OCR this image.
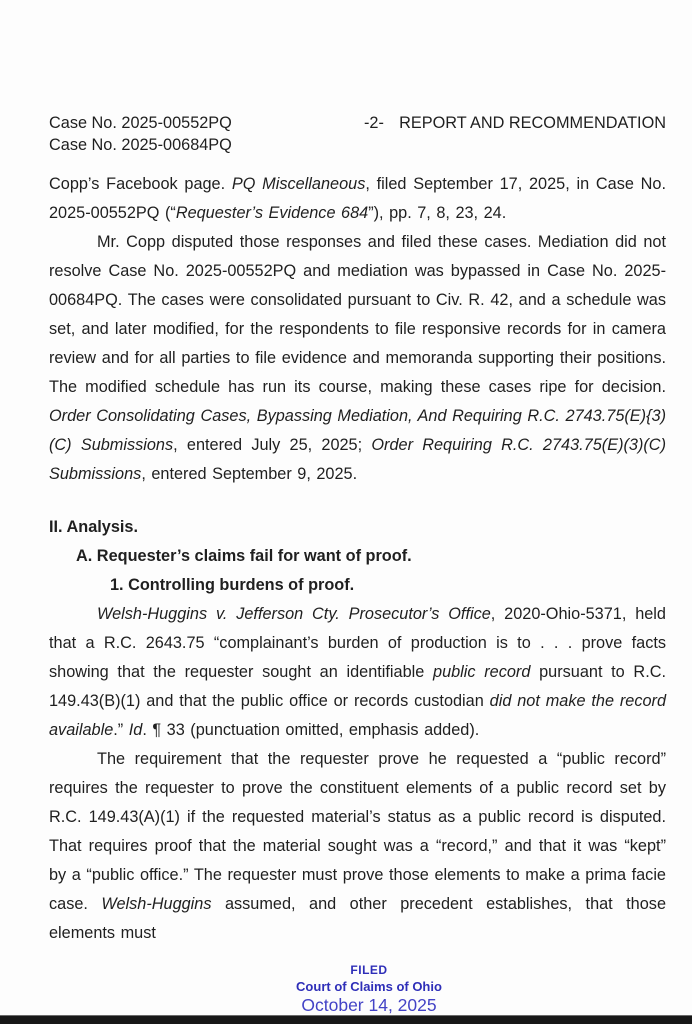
Case No. 2025-00552PQ
Case No. 2025-00684PQ
-2- REPORT AND RECOMMENDATION

Copp’s Facebook page. PQ Miscellaneous, filed September 17, 2025, in Case No. 2025-00552PQ (“Requester’s Evidence 684”), pp. 7, 8, 23, 24.

Mr. Copp disputed those responses and filed these cases. Mediation did not resolve Case No. 2025-00552PQ and mediation was bypassed in Case No. 2025-00684PQ. The cases were consolidated pursuant to Civ. R. 42, and a schedule was set, and later modified, for the respondents to file responsive records for in camera review and for all parties to file evidence and memoranda supporting their positions. The modified schedule has run its course, making these cases ripe for decision. Order Consolidating Cases, Bypassing Mediation, And Requiring R.C. 2743.75(E){3)(C) Submissions, entered July 25, 2025; Order Requiring R.C. 2743.75(E)(3)(C) Submissions, entered September 9, 2025.

II. Analysis.

A. Requester’s claims fail for want of proof.

1. Controlling burdens of proof.

Welsh-Huggins v. Jefferson Cty. Prosecutor’s Office, 2020-Ohio-5371, held that a R.C. 2643.75 “complainant’s burden of production is to . . . prove facts showing that the requester sought an identifiable public record pursuant to R.C. 149.43(B)(1) and that the public office or records custodian did not make the record available.” Id. ¶ 33 (punctuation omitted, emphasis added).

The requirement that the requester prove he requested a “public record” requires the requester to prove the constituent elements of a public record set by R.C. 149.43(A)(1) if the requested material’s status as a public record is disputed. That requires proof that the material sought was a “record,” and that it was “kept” by a “public office.” The requester must prove those elements to make a prima facie case. Welsh-Huggins assumed, and other precedent establishes, that those elements must

FILED
Court of Claims of Ohio
October 14, 2025
